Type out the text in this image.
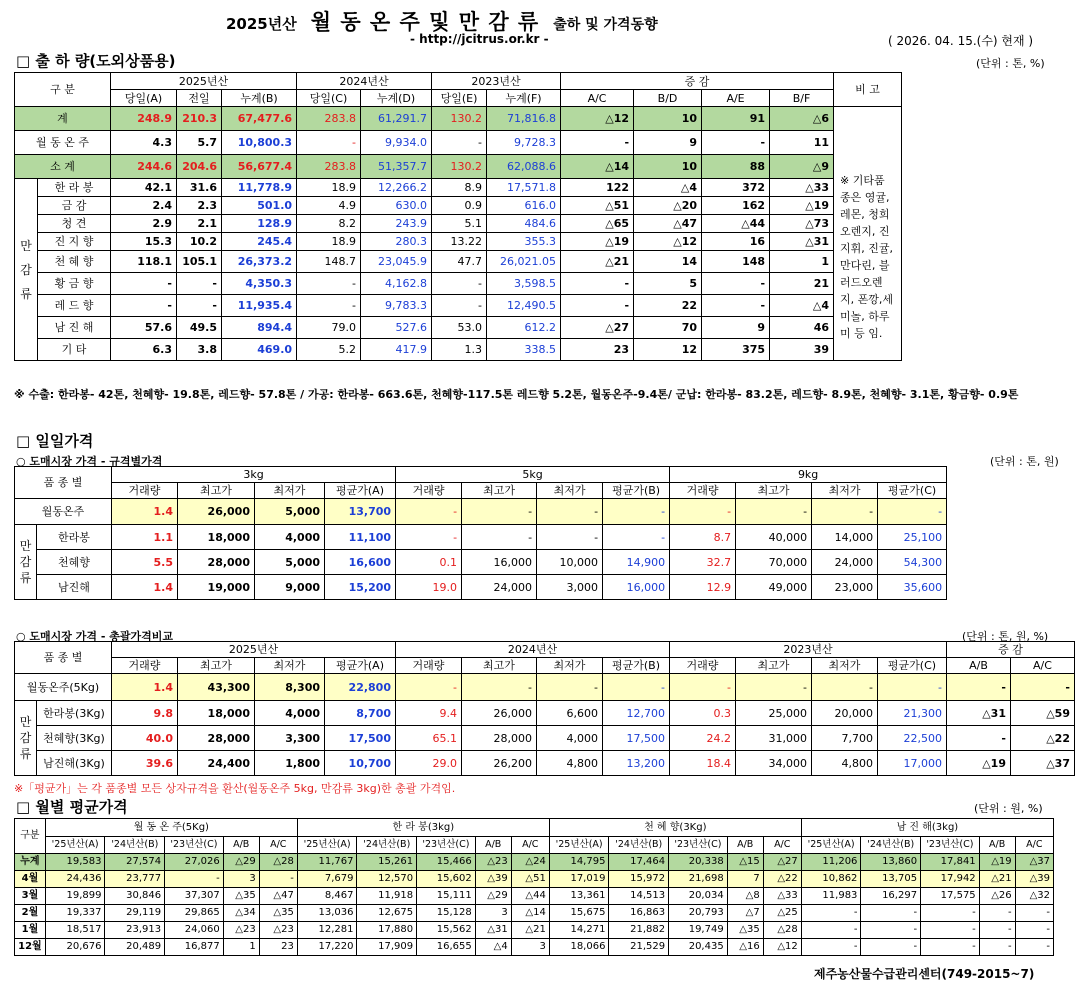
2025년산 월 동 온 주 및 만 감 류 출하 및 가격동향
- http://jcitrus.or.kr -	( 2026. 04. 15.(수) 현재 )
□ 출 하 량(도외상품용)	(단위 : 톤, %)
구 분		2025년산			2024년산		2023년산		증 감				비 고
		당일(A)	전일	누계(B)	당일(C)	누계(D)	당일(E)	누계(F)	A/C	B/D	A/E	B/F	
계		248.9	210.3	67,477.6	283.8	61,291.7	130.2	71,816.8	△12	10	91	△6	
월 동 온 주		4.3	5.7	10,800.3	-	9,934.0	-	9,728.3	-	9	-	11	
소 계		244.6	204.6	56,677.4	283.8	51,357.7	130.2	62,088.6	△14	10	88	△9	※ 기타품종은 영귤,레몬, 청희오렌지, 진지휘, 진귤, 만다린, 블러드오렌지, 폰깡,세미놀, 하루미 등 임.
만감류	한 라 봉	42.1	31.6	11,778.9	18.9	12,266.2	8.9	17,571.8	122	△4	372	△33	
	금 감	2.4	2.3	501.0	4.9	630.0	0.9	616.0	△51	△20	162	△19	
	청 견	2.9	2.1	128.9	8.2	243.9	5.1	484.6	△65	△47	△44	△73	
	진 지 향	15.3	10.2	245.4	18.9	280.3	13.22	355.3	△19	△12	16	△31	
	천 혜 향	118.1	105.1	26,373.2	148.7	23,045.9	47.7	26,021.05	△21	14	148	1	
	황 금 향	-	-	4,350.3	-	4,162.8	-	3,598.5	-	5	-	21	
	레 드 향	-	-	11,935.4	-	9,783.3	-	12,490.5	-	22	-	△4	
	남 진 해	57.6	49.5	894.4	79.0	527.6	53.0	612.2	△27	70	9	46	
	기 타	6.3	3.8	469.0	5.2	417.9	1.3	338.5	23	12	375	39	
※ 수출: 한라봉- 42톤, 천혜향- 19.8톤, 레드향- 57.8톤 / 가공: 한라봉- 663.6톤, 천혜향-117.5톤 레드향 5.2톤, 월동온주-9.4톤/ 군납: 한라봉- 83.2톤, 레드향- 8.9톤, 천혜향- 3.1톤, 황금향- 0.9톤
□ 일일가격
○ 도매시장 가격 - 규격별가격	(단위 : 톤, 원)
품 종 별		3kg				5kg				9kg			
		거래량	최고가	최저가	평균가(A)	거래량	최고가	최저가	평균가(B)	거래량	최고가	최저가	평균가(C)
월동온주		1.4	26,000	5,000	13,700	-	-	-	-	-	-	-	-
만감류	한라봉	1.1	18,000	4,000	11,100	-	-	-	-	8.7	40,000	14,000	25,100
	천혜향	5.5	28,000	5,000	16,600	0.1	16,000	10,000	14,900	32.7	70,000	24,000	54,300
	남진해	1.4	19,000	9,000	15,200	19.0	24,000	3,000	16,000	12.9	49,000	23,000	35,600
○ 도매시장 가격 - 총괄가격비교	(단위 : 톤, 원, %)
품 종 별		2025년산				2024년산				2023년산				증 감	
		거래량	최고가	최저가	평균가(A)	거래량	최고가	최저가	평균가(B)	거래량	최고가	최저가	평균가(C)	A/B	A/C
월동온주(5Kg)		1.4	43,300	8,300	22,800	-	-	-	-	-	-	-	-	-	-
만감류	한라봉(3Kg)	9.8	18,000	4,000	8,700	9.4	26,000	6,600	12,700	0.3	25,000	20,000	21,300	△31	△59
	천혜향(3Kg)	40.0	28,000	3,300	17,500	65.1	28,000	4,000	17,500	24.2	31,000	7,700	22,500	-	△22
	남진해(3Kg)	39.6	24,400	1,800	10,700	29.0	26,200	4,800	13,200	18.4	34,000	4,800	17,000	△19	△37
※「평균가」는 각 품종별 모든 상자규격을 환산(월동온주 5kg, 만감류 3kg)한 총괄 가격임.
□ 월별 평균가격	(단위 : 원, %)
구분	월 동 온 주(5Kg)					한 라 봉(3kg)					천 혜 향(3Kg)					남 진 해(3kg)				
	'25년산(A)	'24년산(B)	'23년산(C)	A/B	A/C	'25년산(A)	'24년산(B)	'23년산(C)	A/B	A/C	'25년산(A)	'24년산(B)	'23년산(C)	A/B	A/C	'25년산(A)	'24년산(B)	'23년산(C)	A/B	A/C
누계	19,583	27,574	27,026	△29	△28	11,767	15,261	15,466	△23	△24	14,795	17,464	20,338	△15	△27	11,206	13,860	17,841	△19	△37
4월	24,436	23,777	-	3	-	7,679	12,570	15,602	△39	△51	17,019	15,972	21,698	7	△22	10,862	13,705	17,942	△21	△39
3월	19,899	30,846	37,307	△35	△47	8,467	11,918	15,111	△29	△44	13,361	14,513	20,034	△8	△33	11,983	16,297	17,575	△26	△32
2월	19,337	29,119	29,865	△34	△35	13,036	12,675	15,128	3	△14	15,675	16,863	20,793	△7	△25	-	-	-	-	-
1월	18,517	23,913	24,060	△23	△23	12,281	17,880	15,562	△31	△21	14,271	21,882	19,749	△35	△28	-	-	-	-	-
12월	20,676	20,489	16,877	1	23	17,220	17,909	16,655	△4	3	18,066	21,529	20,435	△16	△12	-	-	-	-	-
제주농산물수급관리센터(749-2015~7)
